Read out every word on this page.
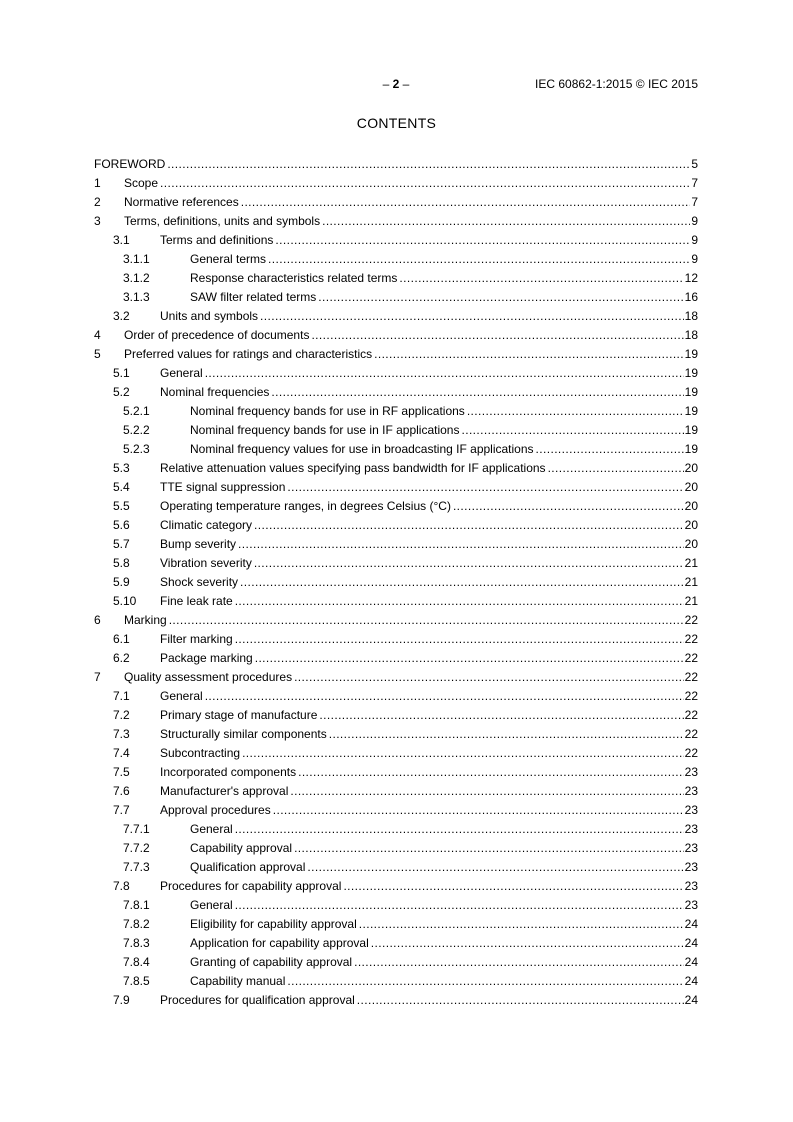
– 2 –	IEC 60862-1:2015 © IEC 2015
CONTENTS
FOREWORD .....	5
1 Scope .....	7
2 Normative references .....	7
3 Terms, definitions, units and symbols .....	9
3.1	Terms and definitions .....	9
3.1.1	General terms .....	9
3.1.2	Response characteristics related terms .....	12
3.1.3	SAW filter related terms .....	16
3.2	Units and symbols .....	18
4 Order of precedence of documents .....	18
5 Preferred values for ratings and characteristics .....	19
5.1	General .....	19
5.2	Nominal frequencies .....	19
5.2.1	Nominal frequency bands for use in RF applications .....	19
5.2.2	Nominal frequency bands for use in IF applications .....	19
5.2.3	Nominal frequency values for use in broadcasting IF applications .....	19
5.3	Relative attenuation values specifying pass bandwidth for IF applications .....	20
5.4	TTE signal suppression .....	20
5.5	Operating temperature ranges, in degrees Celsius (°C) .....	20
5.6	Climatic category .....	20
5.7	Bump severity .....	20
5.8	Vibration severity .....	21
5.9	Shock severity .....	21
5.10 Fine leak rate .....	21
6 Marking .....	22
6.1	Filter marking .....	22
6.2	Package marking .....	22
7 Quality assessment procedures .....	22
7.1	General .....	22
7.2	Primary stage of manufacture .....	22
7.3	Structurally similar components .....	22
7.4	Subcontracting .....	22
7.5	Incorporated components .....	23
7.6	Manufacturer's approval .....	23
7.7	Approval procedures .....	23
7.7.1	General .....	23
7.7.2	Capability approval .....	23
7.7.3	Qualification approval .....	23
7.8	Procedures for capability approval .....	23
7.8.1	General .....	23
7.8.2	Eligibility for capability approval .....	24
7.8.3	Application for capability approval .....	24
7.8.4	Granting of capability approval .....	24
7.8.5	Capability manual .....	24
7.9	Procedures for qualification approval .....	24
